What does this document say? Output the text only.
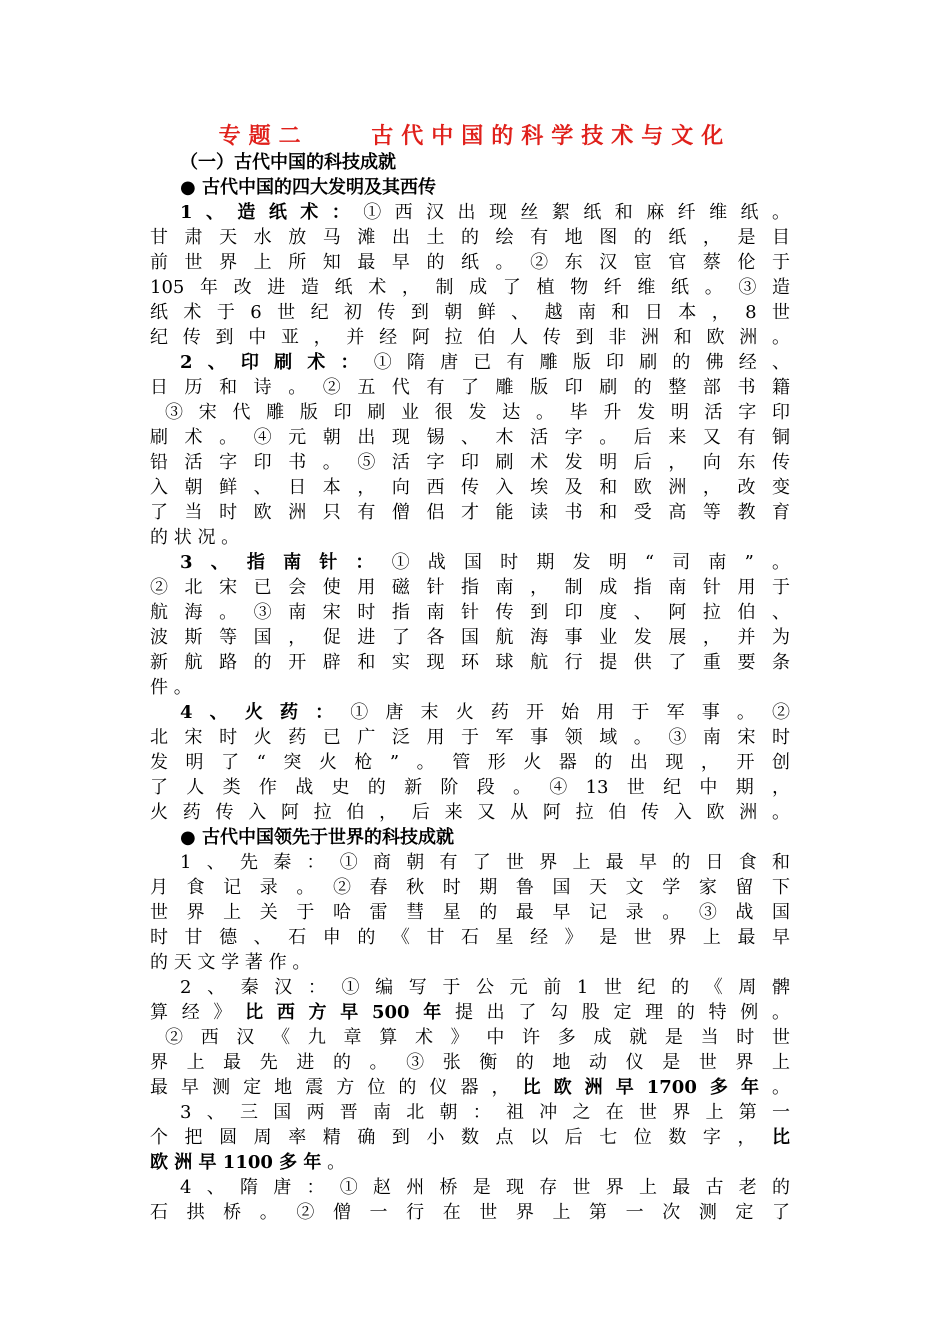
专题二    古代中国的科学技术与文化
（一）古代中国的科技成就
● 古代中国的四大发明及其西传
1、造纸术：①西汉出现丝絮纸和麻纤维纸。
甘肃天水放马滩出土的绘有地图的纸，是目
前世界上所知最早的纸。②东汉宦官蔡伦于
105年改进造纸术，制成了植物纤维纸。③造
纸术于6世纪初传到朝鲜、越南和日本，8世
纪传到中亚，并经阿拉伯人传到非洲和欧洲。
2、印刷术：①隋唐已有雕版印刷的佛经、
日历和诗。②五代有了雕版印刷的整部书籍
③宋代雕版印刷业很发达。毕升发明活字印
刷术。④元朝出现锡、木活字。后来又有铜
铅活字印书。⑤活字印刷术发明后，向东传
入朝鲜、日本，向西传入埃及和欧洲，改变
了当时欧洲只有僧侣才能读书和受高等教育
的 状 况 。
3、指南针：①战国时期发明“司南”。
②北宋已会使用磁针指南，制成指南针用于
航海。③南宋时指南针传到印度、阿拉伯、
波斯等国，促进了各国航海事业发展，并为
新航路的开辟和实现环球航行提供了重要条
件 。
4、火药：①唐末火药开始用于军事。②
北宋时火药已广泛用于军事领域。③南宋时
发明了“突火枪”。管形火器的出现，开创
了人类作战史的新阶段。④13世纪中期，
火药传入阿拉伯，后来又从阿拉伯传入欧洲。
● 古代中国领先于世界的科技成就
1、先秦：①商朝有了世界上最早的日食和
月食记录。②春秋时期鲁国天文学家留下
世界上关于哈雷彗星的最早记录。③战国
时甘德、石申的《甘石星经》是世界上最早
的 天 文 学 著 作 。
2、秦汉：①编写于公元前1世纪的《周髀
算经》比西方早500年提出了勾股定理的特例。
②西汉《九章算术》中许多成就是当时世
界上最先进的。③张衡的地动仪是世界上
最早测定地震方位的仪器，比欧洲早1700多年。
3、三国两晋南北朝：祖冲之在世界上第一
个把圆周率精确到小数点以后七位数字，比
欧 洲 早 1100 多 年 。
4、隋唐：①赵州桥是现存世界上最古老的
石拱桥。②僧一行在世界上第一次测定了
